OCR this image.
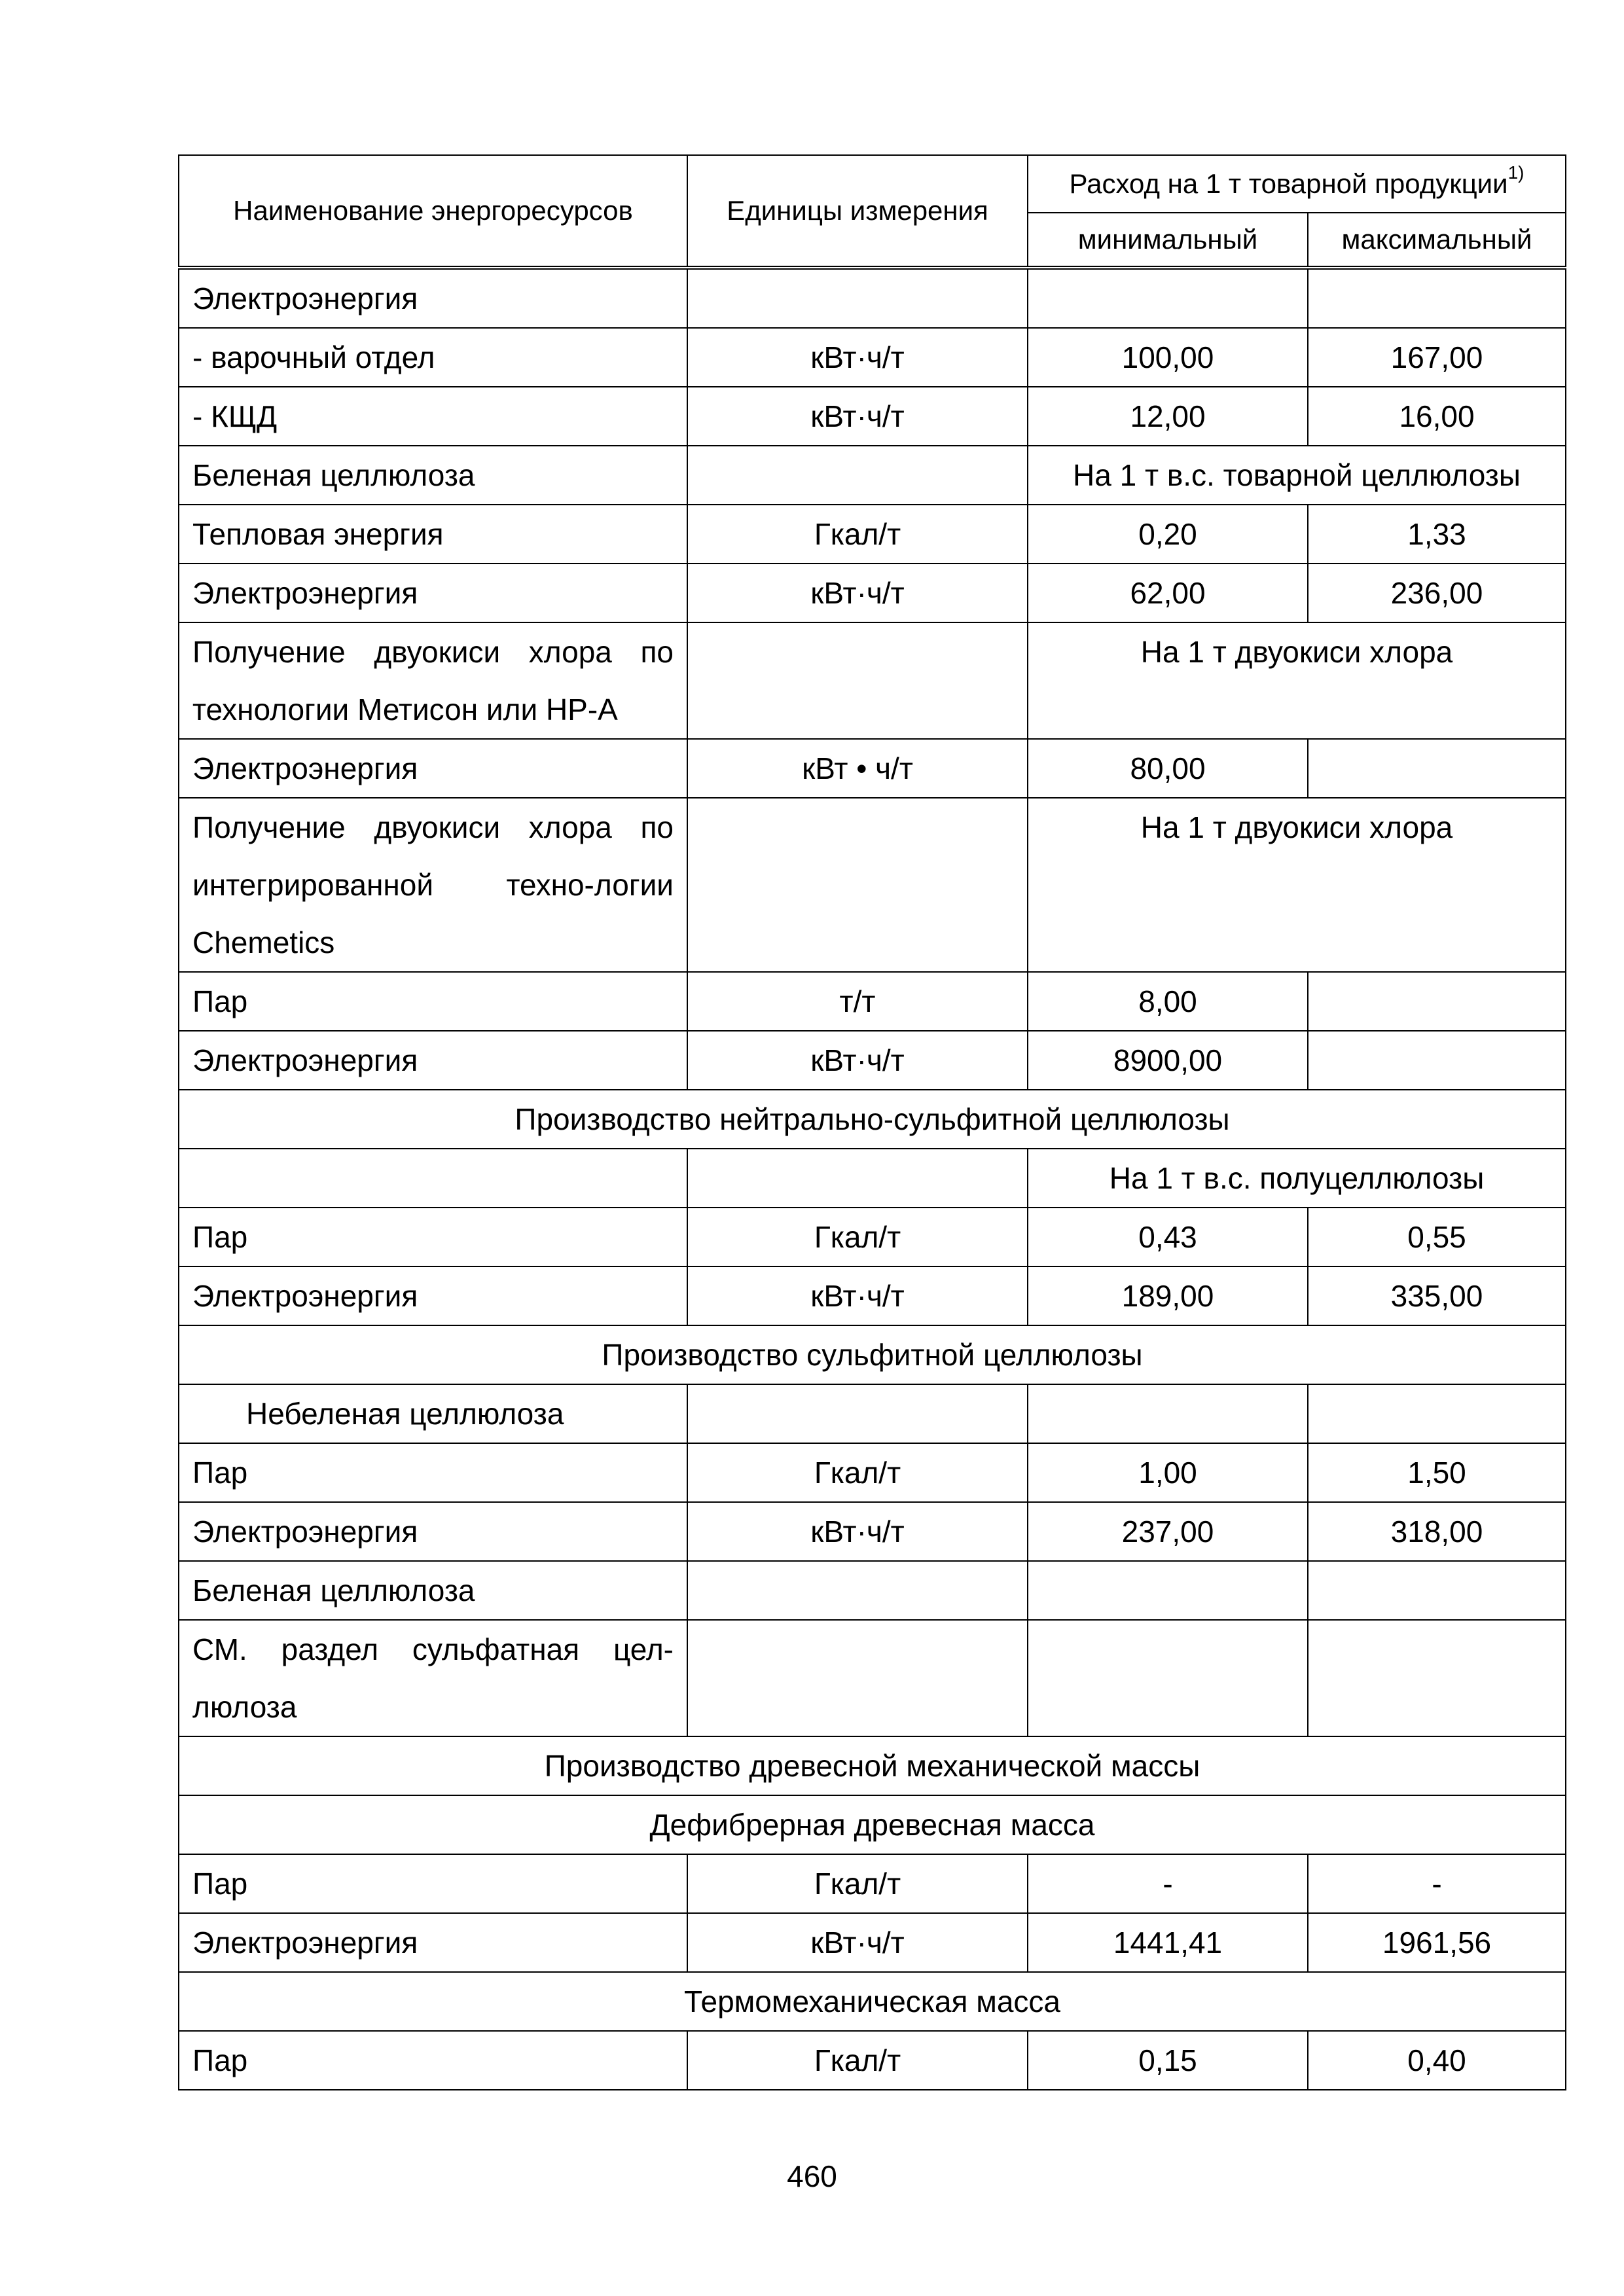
Наименование энергоресурсов	Единицы измерения	Расход на 1 т товарной продукции$^{1)}$
		минимальный	максимальный
Электроэнергия			
- варочный отдел	кВт·ч/т	100,00	167,00
- КЩД	кВт·ч/т	12,00	16,00
Беленая целлюлоза		На 1 т в.с. товарной целлюлозы	
Тепловая энергия	Гкал/т	0,20	1,33
Электроэнергия	кВт·ч/т	62,00	236,00
Получение двуокиси хлора по технологии Метисон или HP-A		На 1 т двуокиси хлора	
Электроэнергия	кВт • ч/т	80,00	
Получение двуокиси хлора по интегрированной техно-логии Chemetics		На 1 т двуокиси хлора	
Пар	т/т	8,00	
Электроэнергия	кВт·ч/т	8900,00	
Производство нейтрально-сульфитной целлюлозы			
		На 1 т в.с. полуцеллюлозы	
Пар	Гкал/т	0,43	0,55
Электроэнергия	кВт·ч/т	189,00	335,00
Производство сульфитной целлюлозы			
Небеленая целлюлоза			
Пар	Гкал/т	1,00	1,50
Электроэнергия	кВт·ч/т	237,00	318,00
Беленая целлюлоза			
СМ. раздел сульфатная цел-люлоза			
Производство древесной механической массы			
Дефибрерная древесная масса			
Пар	Гкал/т	-	-
Электроэнергия	кВт·ч/т	1441,41	1961,56
Термомеханическая масса			
Пар	Гкал/т	0,15	0,40
460
